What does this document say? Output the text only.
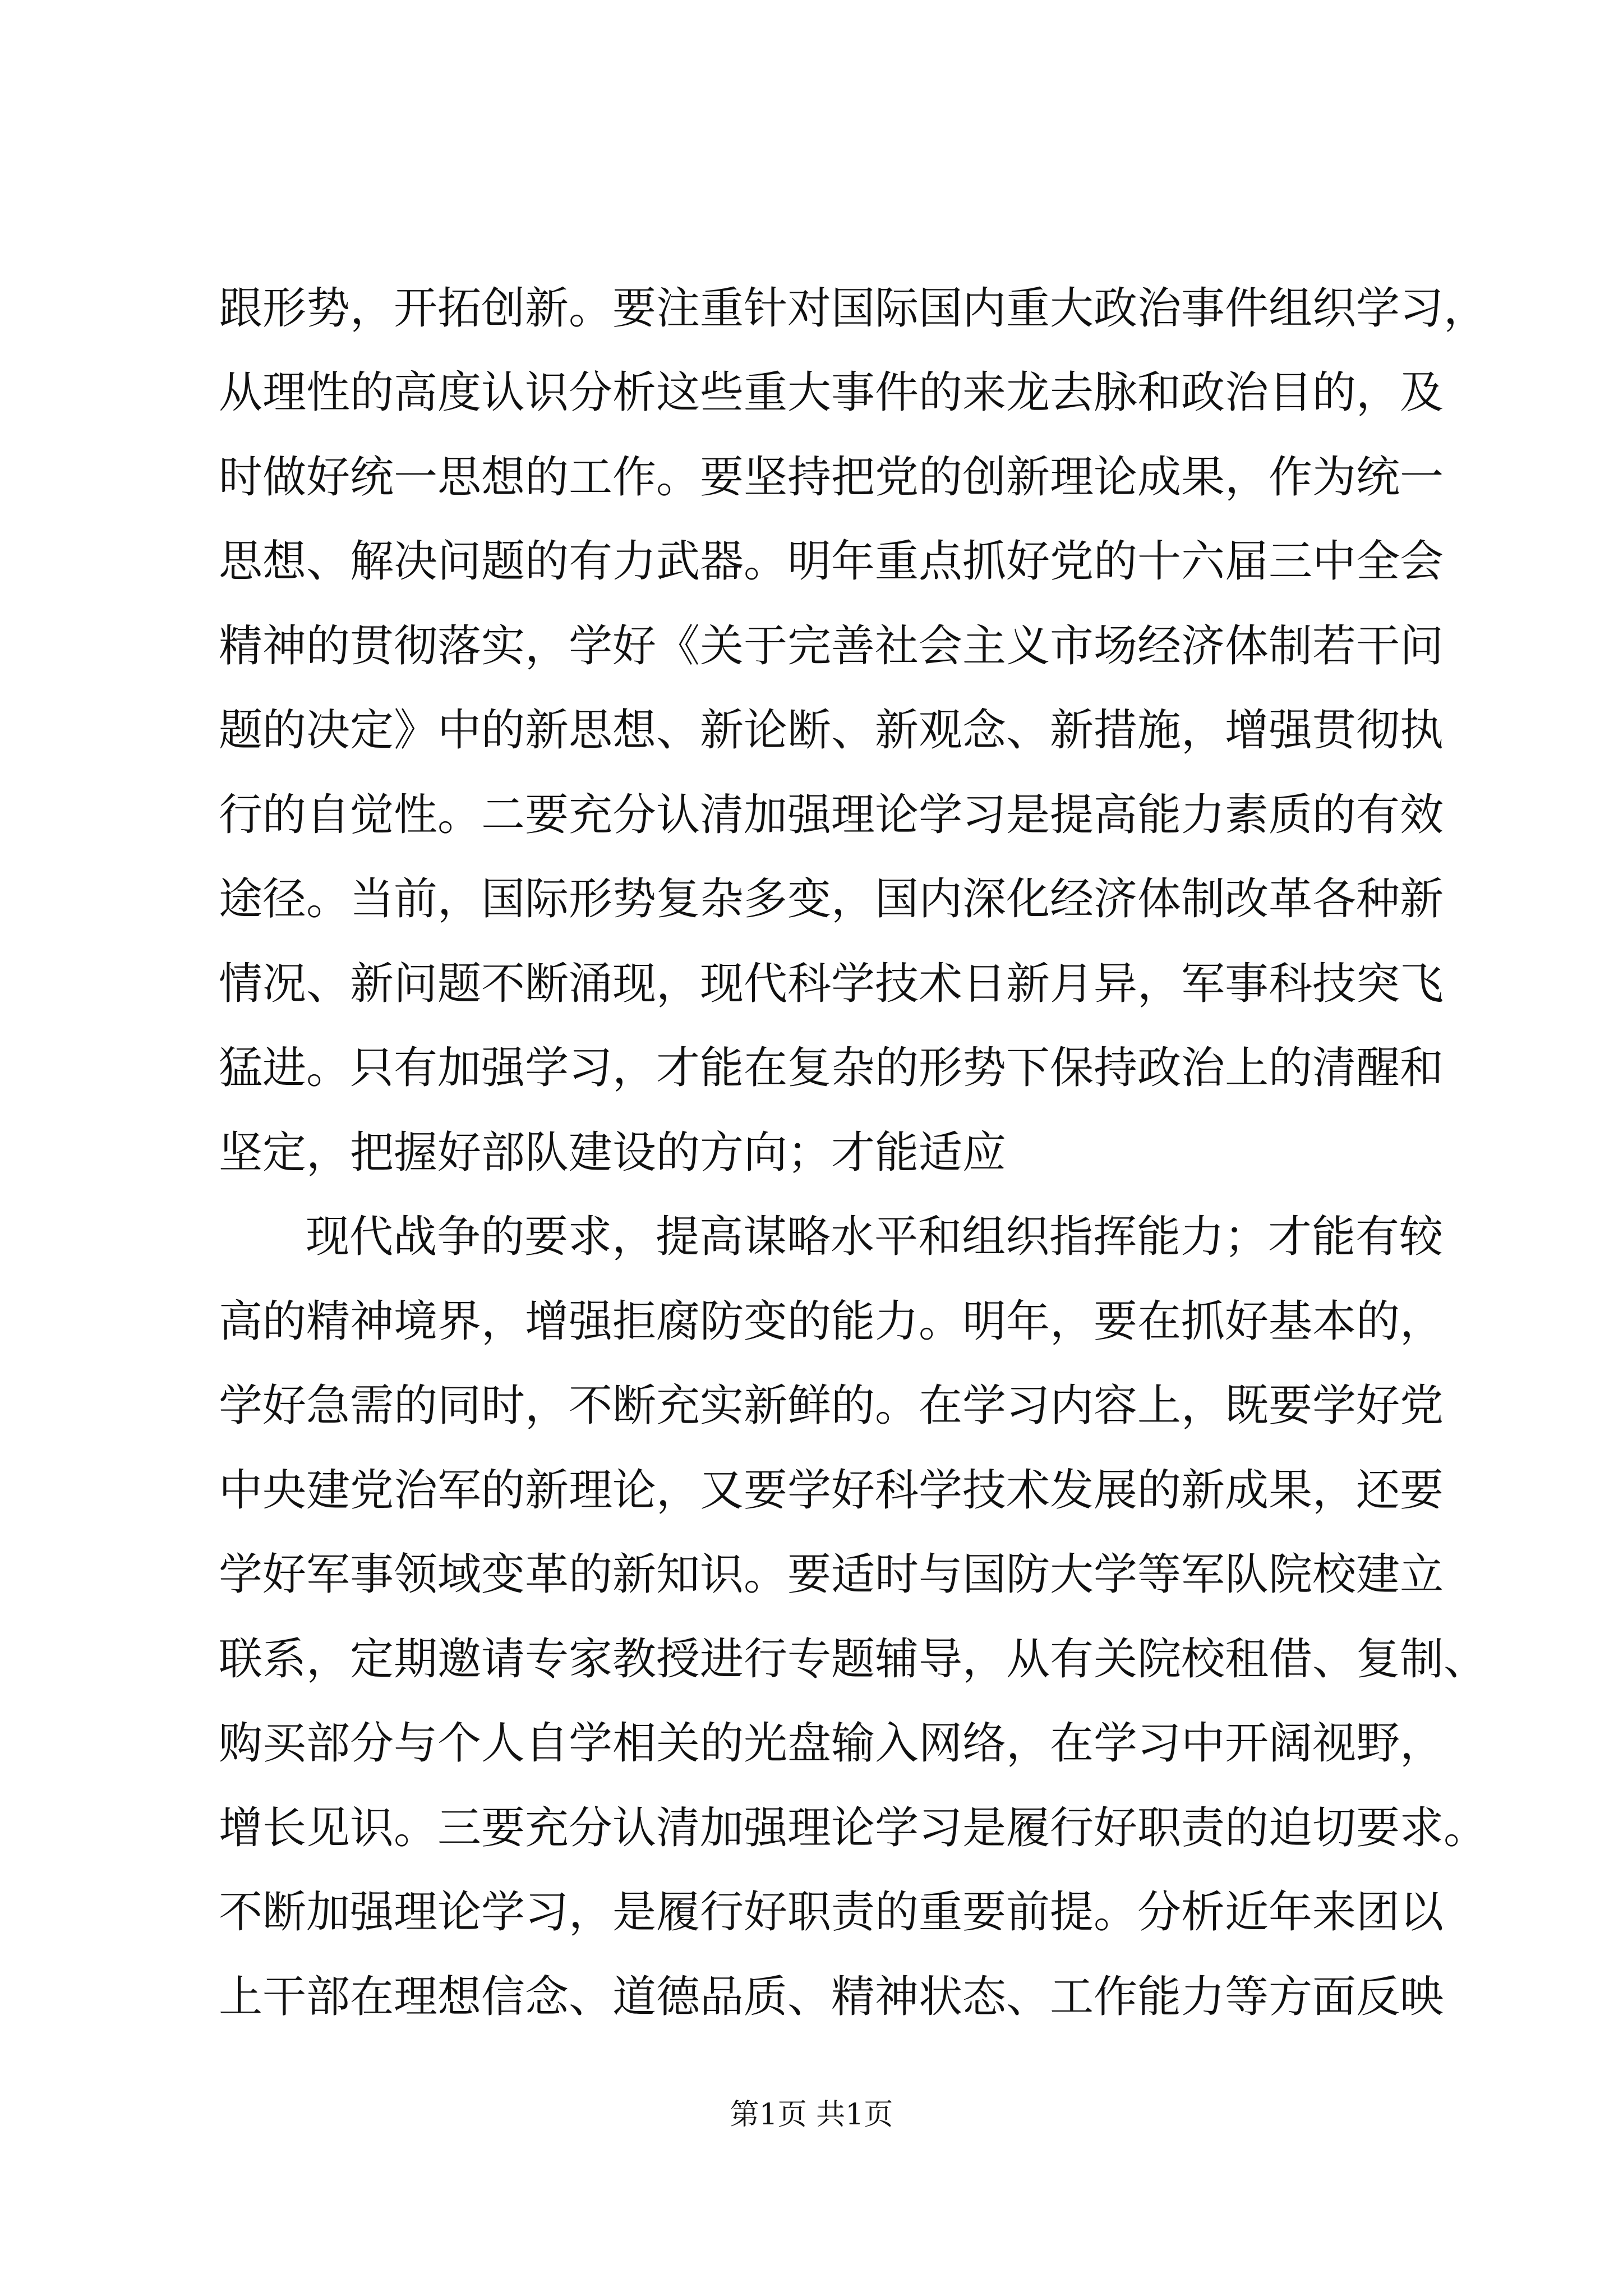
跟形势，开拓创新。要注重针对国际国内重大政治事件组织学习，
从理性的高度认识分析这些重大事件的来龙去脉和政治目的，及
时做好统一思想的工作。要坚持把党的创新理论成果，作为统一
思想、解决问题的有力武器。明年重点抓好党的十六届三中全会
精神的贯彻落实，学好《关于完善社会主义市场经济体制若干问
题的决定》中的新思想、新论断、新观念、新措施，增强贯彻执
行的自觉性。二要充分认清加强理论学习是提高能力素质的有效
途径。当前，国际形势复杂多变，国内深化经济体制改革各种新
情况、新问题不断涌现，现代科学技术日新月异，军事科技突飞
猛进。只有加强学习，才能在复杂的形势下保持政治上的清醒和
坚定，把握好部队建设的方向；才能适应
现代战争的要求，提高谋略水平和组织指挥能力；才能有较
高的精神境界，增强拒腐防变的能力。明年，要在抓好基本的，
学好急需的同时，不断充实新鲜的。在学习内容上，既要学好党
中央建党治军的新理论，又要学好科学技术发展的新成果，还要
学好军事领域变革的新知识。要适时与国防大学等军队院校建立
联系，定期邀请专家教授进行专题辅导，从有关院校租借、复制、
购买部分与个人自学相关的光盘输入网络，在学习中开阔视野，
增长见识。三要充分认清加强理论学习是履行好职责的迫切要求。
不断加强理论学习，是履行好职责的重要前提。分析近年来团以
上干部在理想信念、道德品质、精神状态、工作能力等方面反映
第1页 共1页
